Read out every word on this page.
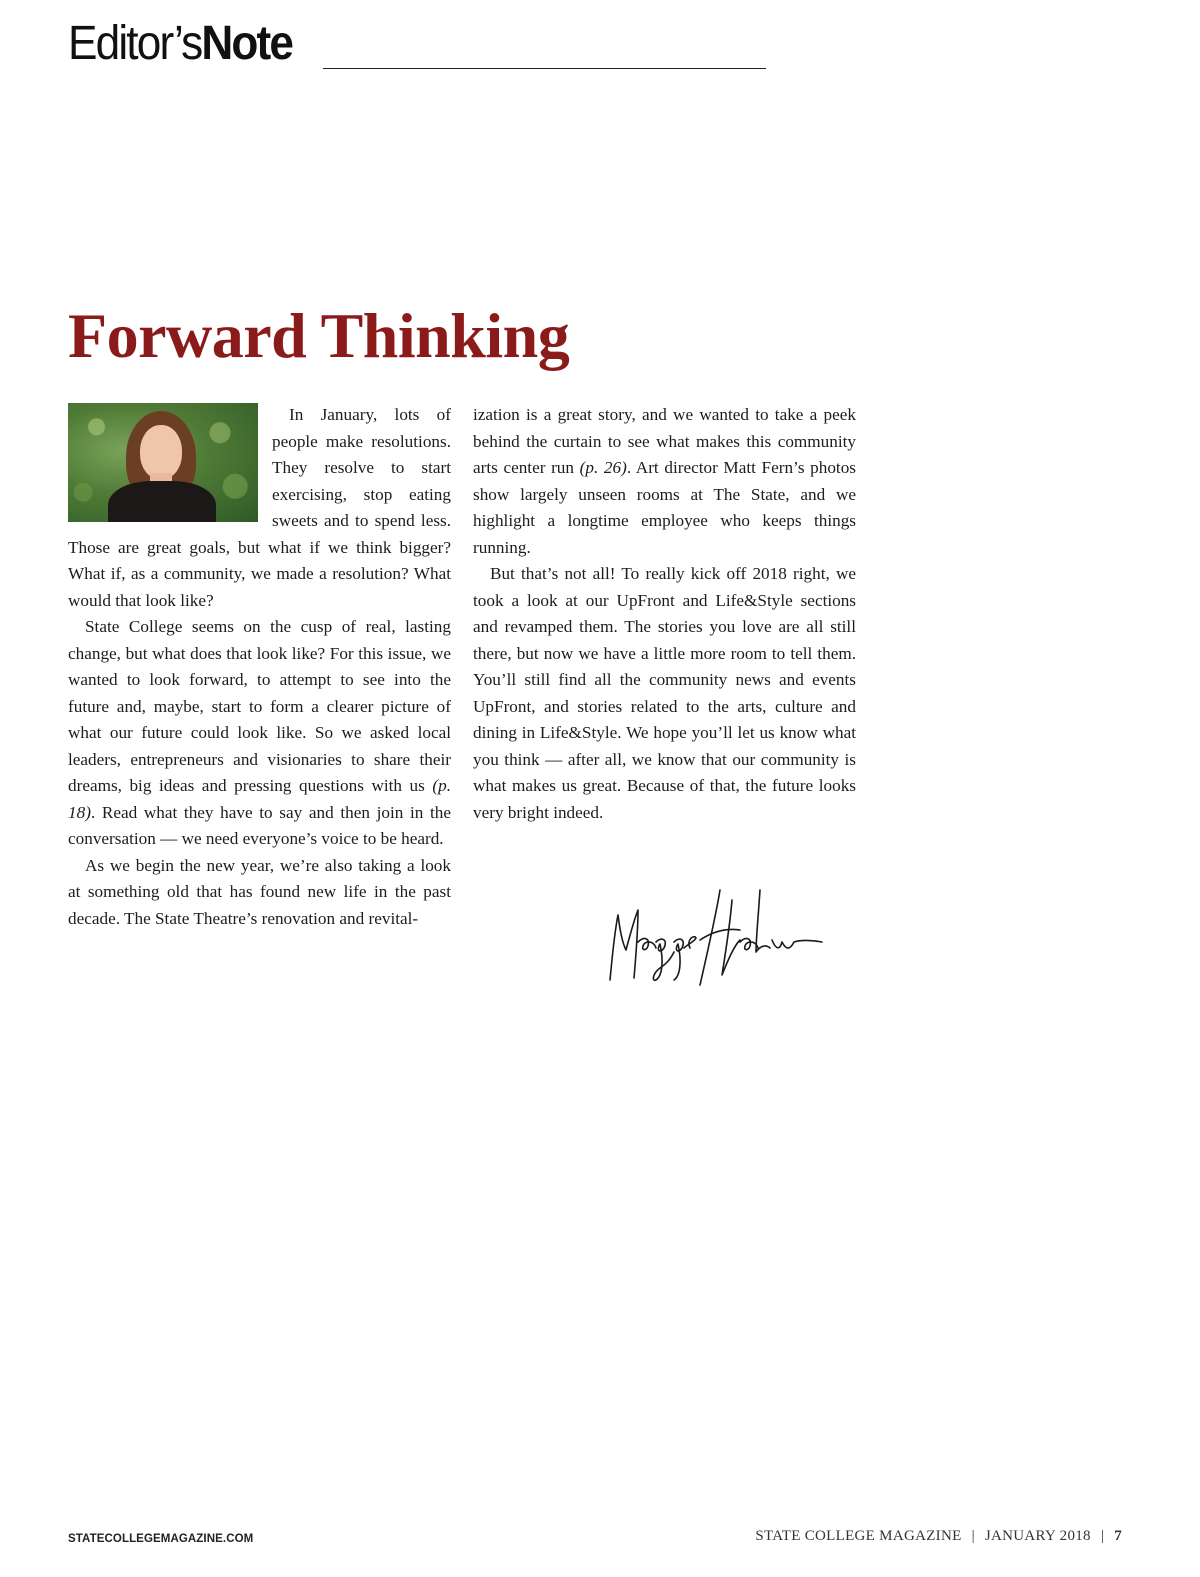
Editor’sNote
Forward Thinking

In January, lots of people make resolutions. They resolve to start exercising, stop eating sweets and to spend less. Those are great goals, but what if we think bigger? What if, as a community, we made a resolution? What would that look like?

State College seems on the cusp of real, lasting change, but what does that look like? For this issue, we wanted to look forward, to attempt to see into the future and, maybe, start to form a clearer picture of what our future could look like. So we asked local leaders, entrepreneurs and visionaries to share their dreams, big ideas and pressing questions with us (p. 18). Read what they have to say and then join in the conversation — we need everyone’s voice to be heard.

As we begin the new year, we’re also taking a look at something old that has found new life in the past decade. The State Theatre’s renovation and revital-

ization is a great story, and we wanted to take a peek behind the curtain to see what makes this community arts center run (p. 26). Art director Matt Fern’s photos show largely unseen rooms at The State, and we highlight a longtime employee who keeps things running.

But that’s not all! To really kick off 2018 right, we took a look at our UpFront and Life&Style sections and revamped them. The stories you love are all still there, but now we have a little more room to tell them. You’ll still find all the community news and events UpFront, and stories related to the arts, culture and dining in Life&Style. We hope you’ll let us know what you think — after all, we know that our community is what makes us great. Because of that, the future looks very bright indeed.

Maggie Anderson
STATECOLLEGEMAGAZINE.COM	STATE COLLEGE MAGAZINE | JANUARY 2018 | 7
